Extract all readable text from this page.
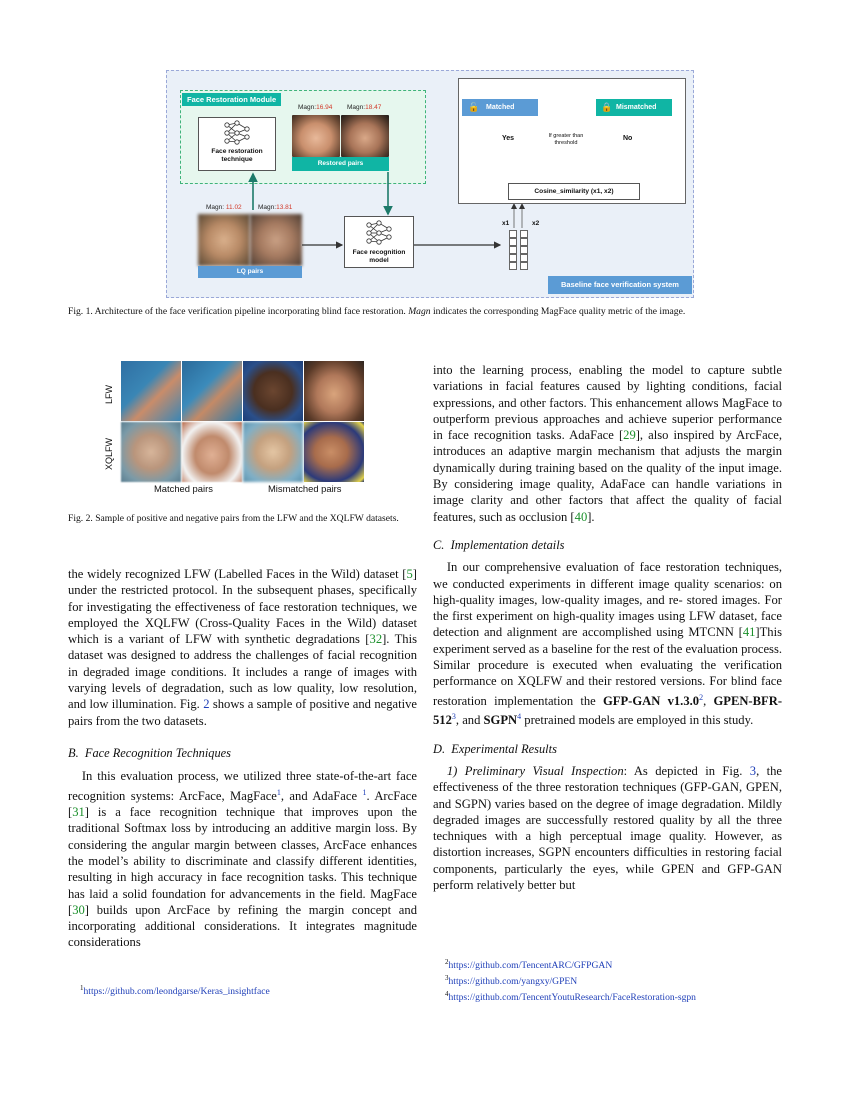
Face Restoration Module
Face restoration technique
Magn:16.94 Magn:18.47
Restored pairs
Magn: 11.02	Magn:13.81
LQ pairs
Face recognition model
Matched
🔓	Mismatched
🔒
Yes	No
If greater than threshold
Cosine_similarity (x1, x2)
x1	x2
Baseline face verification system
Fig. 1. Architecture of the face verification pipeline incorporating blind face restoration. Magn indicates the corresponding MagFace quality metric of the image.
LFW
XQLFW
Matched pairs	Mismatched pairs
Fig. 2. Sample of positive and negative pairs from the LFW and the XQLFW datasets.

the widely recognized LFW (Labelled Faces in the Wild) dataset [5] under the restricted protocol. In the subsequent phases, specifically for investigating the effectiveness of face restoration techniques, we employed the XQLFW (Cross-Quality Faces in the Wild) dataset which is a variant of LFW with synthetic degradations [32]. This dataset was designed to address the challenges of facial recognition in degraded image conditions. It includes a range of images with varying levels of degradation, such as low quality, low resolution, and low illumination. Fig. 2 shows a sample of positive and negative pairs from the two datasets.

B. Face Recognition Techniques

In this evaluation process, we utilized three state-of-the-art face recognition systems: ArcFace, MagFace$^1$, and AdaFace $^1$. ArcFace [31] is a face recognition technique that improves upon the traditional Softmax loss by introducing an additive margin loss. By considering the angular margin between classes, ArcFace enhances the model’s ability to discriminate and classify different identities, resulting in high accuracy in face recognition tasks. This technique has laid a solid foundation for advancements in the field. MagFace [30] builds upon ArcFace by refining the margin concept and incorporating additional considerations. It integrates magnitude considerations

$^1$https://github.com/leondgarse/Keras_insightface

into the learning process, enabling the model to capture subtle variations in facial features caused by lighting conditions, facial expressions, and other factors. This enhancement allows MagFace to outperform previous approaches and achieve superior performance in face recognition tasks. AdaFace [29], also inspired by ArcFace, introduces an adaptive margin mechanism that adjusts the margin dynamically during training based on the quality of the input image. By considering image quality, AdaFace can handle variations in image clarity and other factors that affect the quality of facial features, such as occlusion [40].

C. Implementation details

In our comprehensive evaluation of face restoration techniques, we conducted experiments in different image quality scenarios: on high-quality images, low-quality images, and re- stored images. For the first experiment on high-quality images using LFW dataset, face detection and alignment are accomplished using MTCNN [41]This experiment served as a baseline for the rest of the evaluation process. Similar procedure is executed when evaluating the verification performance on XQLFW and their restored versions. For blind face restoration implementation the GFP-GAN v1.3.0$^2$, GPEN-$BFR-512^3$, and SGPN$^4$ pretrained models are employed in this study.

D. Experimental Results

1) Preliminary Visual Inspection: As depicted in Fig. 3, the effectiveness of the three restoration techniques (GFP-GAN, GPEN, and SGPN) varies based on the degree of image degradation. Mildly degraded images are successfully restored quality by all the three techniques with a high perceptual image quality. However, as distortion increases, SGPN encounters difficulties in restoring facial components, particularly the eyes, while GPEN and GFP-GAN perform relatively better but

$^2$https://github.com/TencentARC/GFPGAN
$^3$https://github.com/yangxy/GPEN
$^4$https://github.com/TencentYoutuResearch/FaceRestoration-sgpn
